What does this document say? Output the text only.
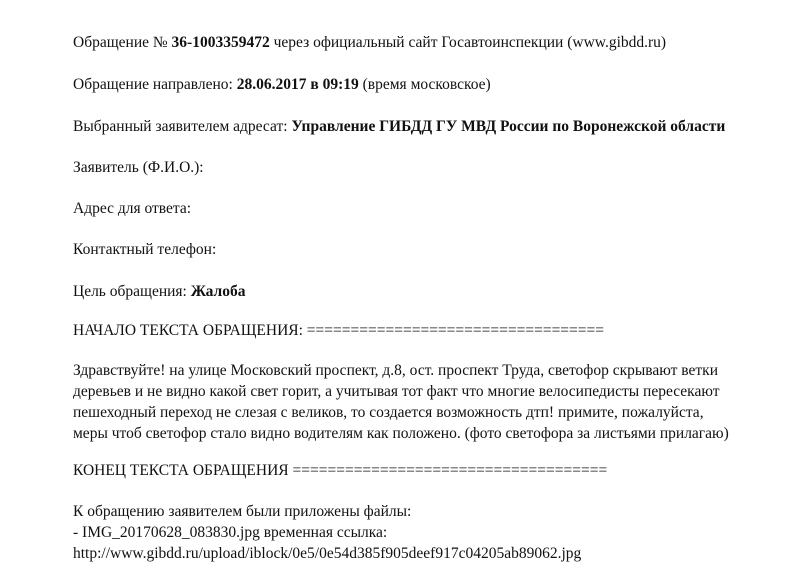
Обращение № 36-1003359472 через официальный сайт Госавтоинспекции (www.gibdd.ru)
Обращение направлено: 28.06.2017 в 09:19 (время московское)
Выбранный заявителем адресат: Управление ГИБДД ГУ МВД России по Воронежской области
Заявитель (Ф.И.О.):
Адрес для ответа:
Контактный телефон:
Цель обращения: Жалоба
НАЧАЛО ТЕКСТА ОБРАЩЕНИЯ: ==================================
Здравствуйте! на улице Московский проспект, д.8, ост. проспект Труда, светофор скрывают ветки
деревьев и не видно какой свет горит, а учитывая тот факт что многие велосипедисты пересекают
пешеходный переход не слезая с великов, то создается возможность дтп! примите, пожалуйста,
меры чтоб светофор стало видно водителям как положено. (фото светофора за листьями прилагаю)
КОНЕЦ ТЕКСТА ОБРАЩЕНИЯ ====================================
К обращению заявителем были приложены файлы:
- IMG_20170628_083830.jpg временная ссылка:
http://www.gibdd.ru/upload/iblock/0e5/0e54d385f905deef917c04205ab89062.jpg
